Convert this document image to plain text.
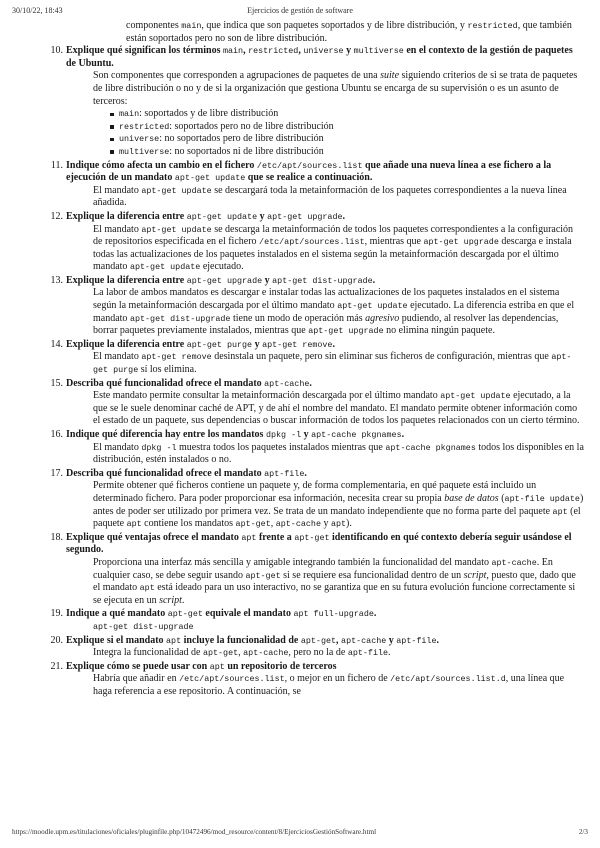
30/10/22, 18:43	Ejercicios de gestión de software
componentes main, que indica que son paquetes soportados y de libre distribución, y restricted, que también están soportados pero no son de libre distribución.
10. Explique qué significan los términos main, restricted, universe y multiverse en el contexto de la gestión de paquetes de Ubuntu.
Son componentes que corresponden a agrupaciones de paquetes de una suite siguiendo criterios de si se trata de paquetes de libre distribución o no y de si la organización que gestiona Ubuntu se encarga de su supervisión o es un asunto de terceros:
main: soportados y de libre distribución
restricted: soportados pero no de libre distribución
universe: no soportados pero de libre distribución
multiverse: no soportados ni de libre distribución
11. Indique cómo afecta un cambio en el fichero /etc/apt/sources.list que añade una nueva línea a ese fichero a la ejecución de un mandato apt-get update que se realice a continuación.
El mandato apt-get update se descargará toda la metainformación de los paquetes correspondientes a la nueva línea añadida.
12. Explique la diferencia entre apt-get update y apt-get upgrade.
El mandato apt-get update se descarga la metainformación de todos los paquetes correspondientes a la configuración de repositorios especificada en el fichero /etc/apt/sources.list, mientras que apt-get upgrade descarga e instala todas las actualizaciones de los paquetes instalados en el sistema según la metainformación descargada por el último mandato apt-get update ejecutado.
13. Explique la diferencia entre apt-get upgrade y apt-get dist-upgrade.
La labor de ambos mandatos es descargar e instalar todas las actualizaciones de los paquetes instalados en el sistema según la metainformación descargada por el último mandato apt-get update ejecutado. La diferencia estriba en que el mandato apt-get dist-upgrade tiene un modo de operación más agresivo pudiendo, al resolver las dependencias, borrar paquetes previamente instalados, mientras que apt-get upgrade no elimina ningún paquete.
14. Explique la diferencia entre apt-get purge y apt-get remove.
El mandato apt-get remove desinstala un paquete, pero sin eliminar sus ficheros de configuración, mientras que apt-get purge sí los elimina.
15. Describa qué funcionalidad ofrece el mandato apt-cache.
Este mandato permite consultar la metainformación descargada por el último mandato apt-get update ejecutado, a la que se le suele denominar caché de APT, y de ahí el nombre del mandato. El mandato permite obtener información como el estado de un paquete, sus dependencias o buscar información de todos los paquetes relacionados con un cierto término.
16. Indique qué diferencia hay entre los mandatos dpkg -l y apt-cache pkgnames.
El mandato dpkg -l muestra todos los paquetes instalados mientras que apt-cache pkgnames todos los disponibles en la distribución, estén instalados o no.
17. Describa qué funcionalidad ofrece el mandato apt-file.
Permite obtener qué ficheros contiene un paquete y, de forma complementaria, en qué paquete está incluido un determinado fichero. Para poder proporcionar esa información, necesita crear su propia base de datos (apt-file update) antes de poder ser utilizado por primera vez. Se trata de un mandato independiente que no forma parte del paquete apt (el paquete apt contiene los mandatos apt-get, apt-cache y apt).
18. Explique qué ventajas ofrece el mandato apt frente a apt-get identificando en qué contexto debería seguir usándose el segundo.
Proporciona una interfaz más sencilla y amigable integrando también la funcionalidad del mandato apt-cache. En cualquier caso, se debe seguir usando apt-get si se requiere esa funcionalidad dentro de un script, puesto que, dado que el mandato apt está ideado para un uso interactivo, no se garantiza que en su futura evolución funcione correctamente si se ejecuta en un script.
19. Indique a qué mandato apt-get equivale el mandato apt full-upgrade.
apt-get dist-upgrade
20. Explique si el mandato apt incluye la funcionalidad de apt-get, apt-cache y apt-file.
Integra la funcionalidad de apt-get, apt-cache, pero no la de apt-file.
21. Explique cómo se puede usar con apt un repositorio de terceros
Habría que añadir en /etc/apt/sources.list, o mejor en un fichero de /etc/apt/sources.list.d, una línea que haga referencia a ese repositorio. A continuación, se
https://moodle.upm.es/titulaciones/oficiales/pluginfile.php/10472496/mod_resource/content/8/EjerciciosGestiónSoftware.html	2/3
